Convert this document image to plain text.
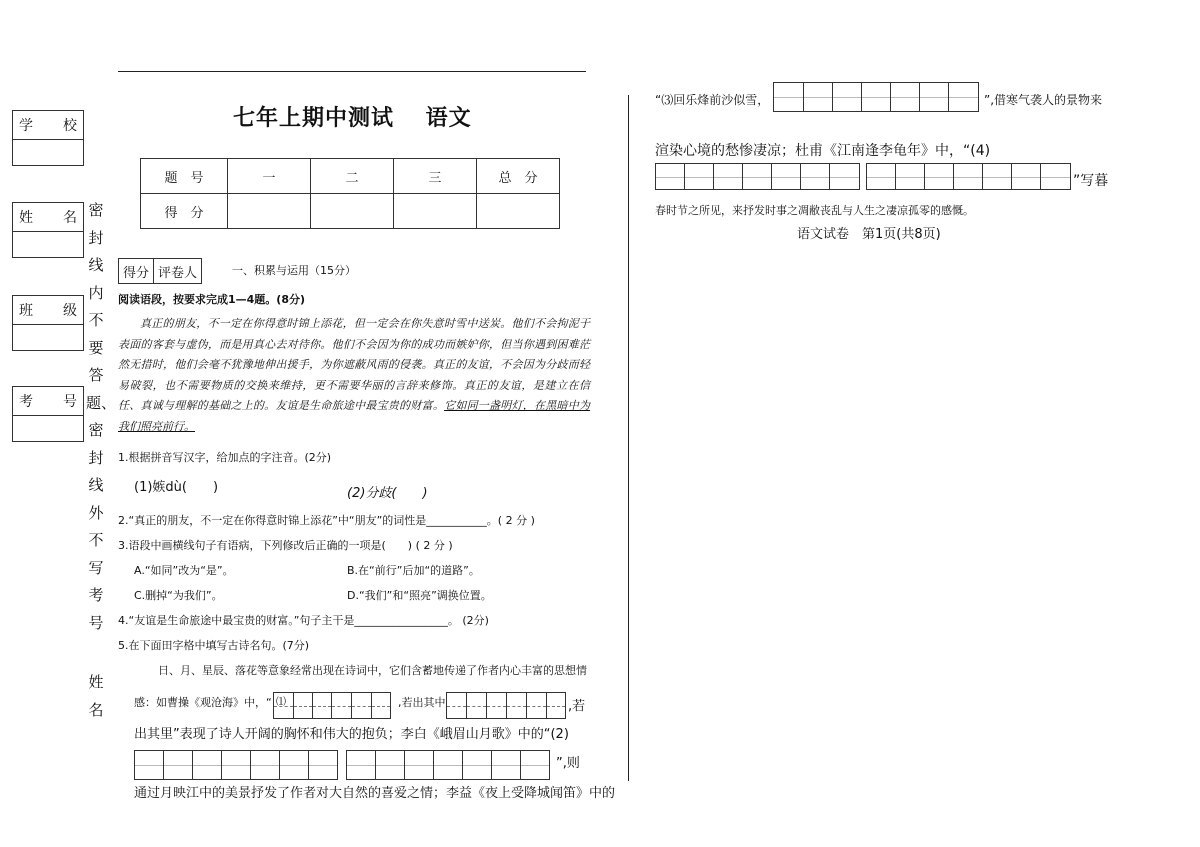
学 校
姓 名
班 级
考 号
密封线内不要答题、密封线外不写考号
姓名
七年上期中测试　 语文
题　号	一	二	三	总　分
得　分				
得分 评卷人	一、积累与运用（15分）
阅读语段，按要求完成1—4题。(8分)
真正的朋友，不一定在你得意时锦上添花，但一定会在你失意时雪中送炭。他们不会拘泥于表面的客套与虚伪，而是用真心去对待你。他们不会因为你的成功而嫉妒你，但当你遇到困难茫然无措时，他们会毫不犹豫地伸出援手，为你遮蔽风雨的侵袭。真正的友谊，不会因为分歧而轻易破裂，也不需要物质的交换来维持，更不需要华丽的言辞来修饰。真正的友谊，是建立在信任、真诚与理解的基础之上的。友谊是生命旅途中最宝贵的财富。它如同一盏明灯，在黑暗中为我们照亮前行。
1.根据拼音写汉字，给加点的字注音。(2分)
(1)嫉dù(　　)	(2)分歧(　　)
2.“真正的朋友，不一定在你得意时锦上添花”中“朋友”的词性是___________。( 2 分 )
3.语段中画横线句子有语病，下列修改后正确的一项是(　　) ( 2 分 )
A.“如同”改为“是”。	B.在“前行”后加“的道路”。
C.删掉“为我们”。	D.“我们”和“照亮”调换位置。
4.“友谊是生命旅途中最宝贵的财富。”句子主干是_________________。 (2分)
5.在下面田字格中填写古诗名句。(7分)
日、月、星辰、落花等意象经常出现在诗词中，它们含蓄地传递了作者内心丰富的思想情
感：如曹操《观沧海》中，“ ⑴	,若出其中	,若
出其里”表现了诗人开阔的胸怀和伟大的抱负；李白《峨眉山月歌》中的“(2)
”,则
通过月映江中的美景抒发了作者对大自然的喜爱之情；李益《夜上受降城闻笛》中的
“⑶回乐烽前沙似雪，	”,借寒气袭人的景物来
渲染心境的愁惨凄凉；杜甫《江南逢李龟年》中，“(4)
”写暮
春时节之所见，来抒发时事之凋敝丧乱与人生之凄凉孤零的感慨。
语文试卷　第1页(共8页)
